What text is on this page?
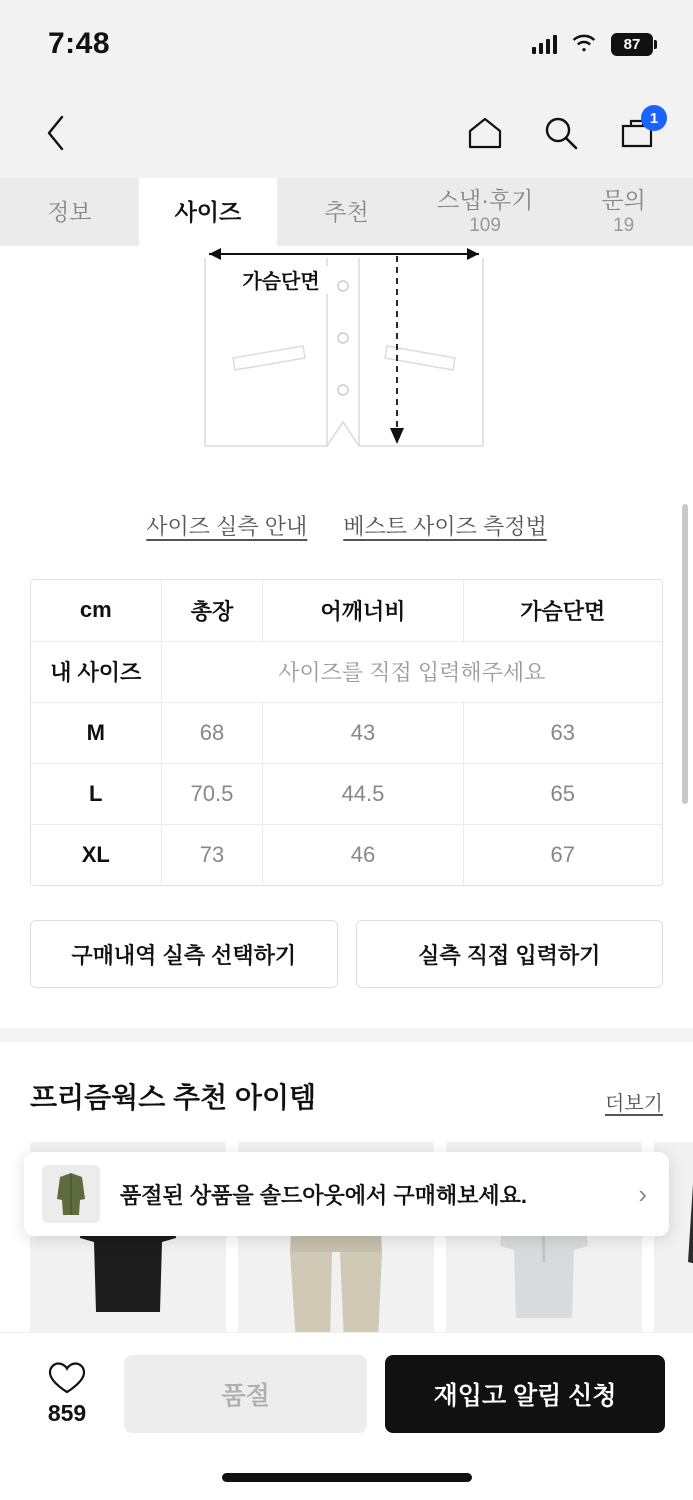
7:48	87
1
정보	사이즈	추천	스냅·후기
109
문의
19
가슴단면
사이즈 실측 안내 베스트 사이즈 측정법
cm	총장	어깨너비	가슴단면
내 사이즈	사이즈를 직접 입력해주세요		
M	68	43	63
L	70.5	44.5	65
XL	73	46	67
구매내역 실측 선택하기	실측 직접 입력하기
프리즘웍스 추천 아이템	더보기
품절된 상품을 솔드아웃에서 구매해보세요.	›
859
품절	재입고 알림 신청
